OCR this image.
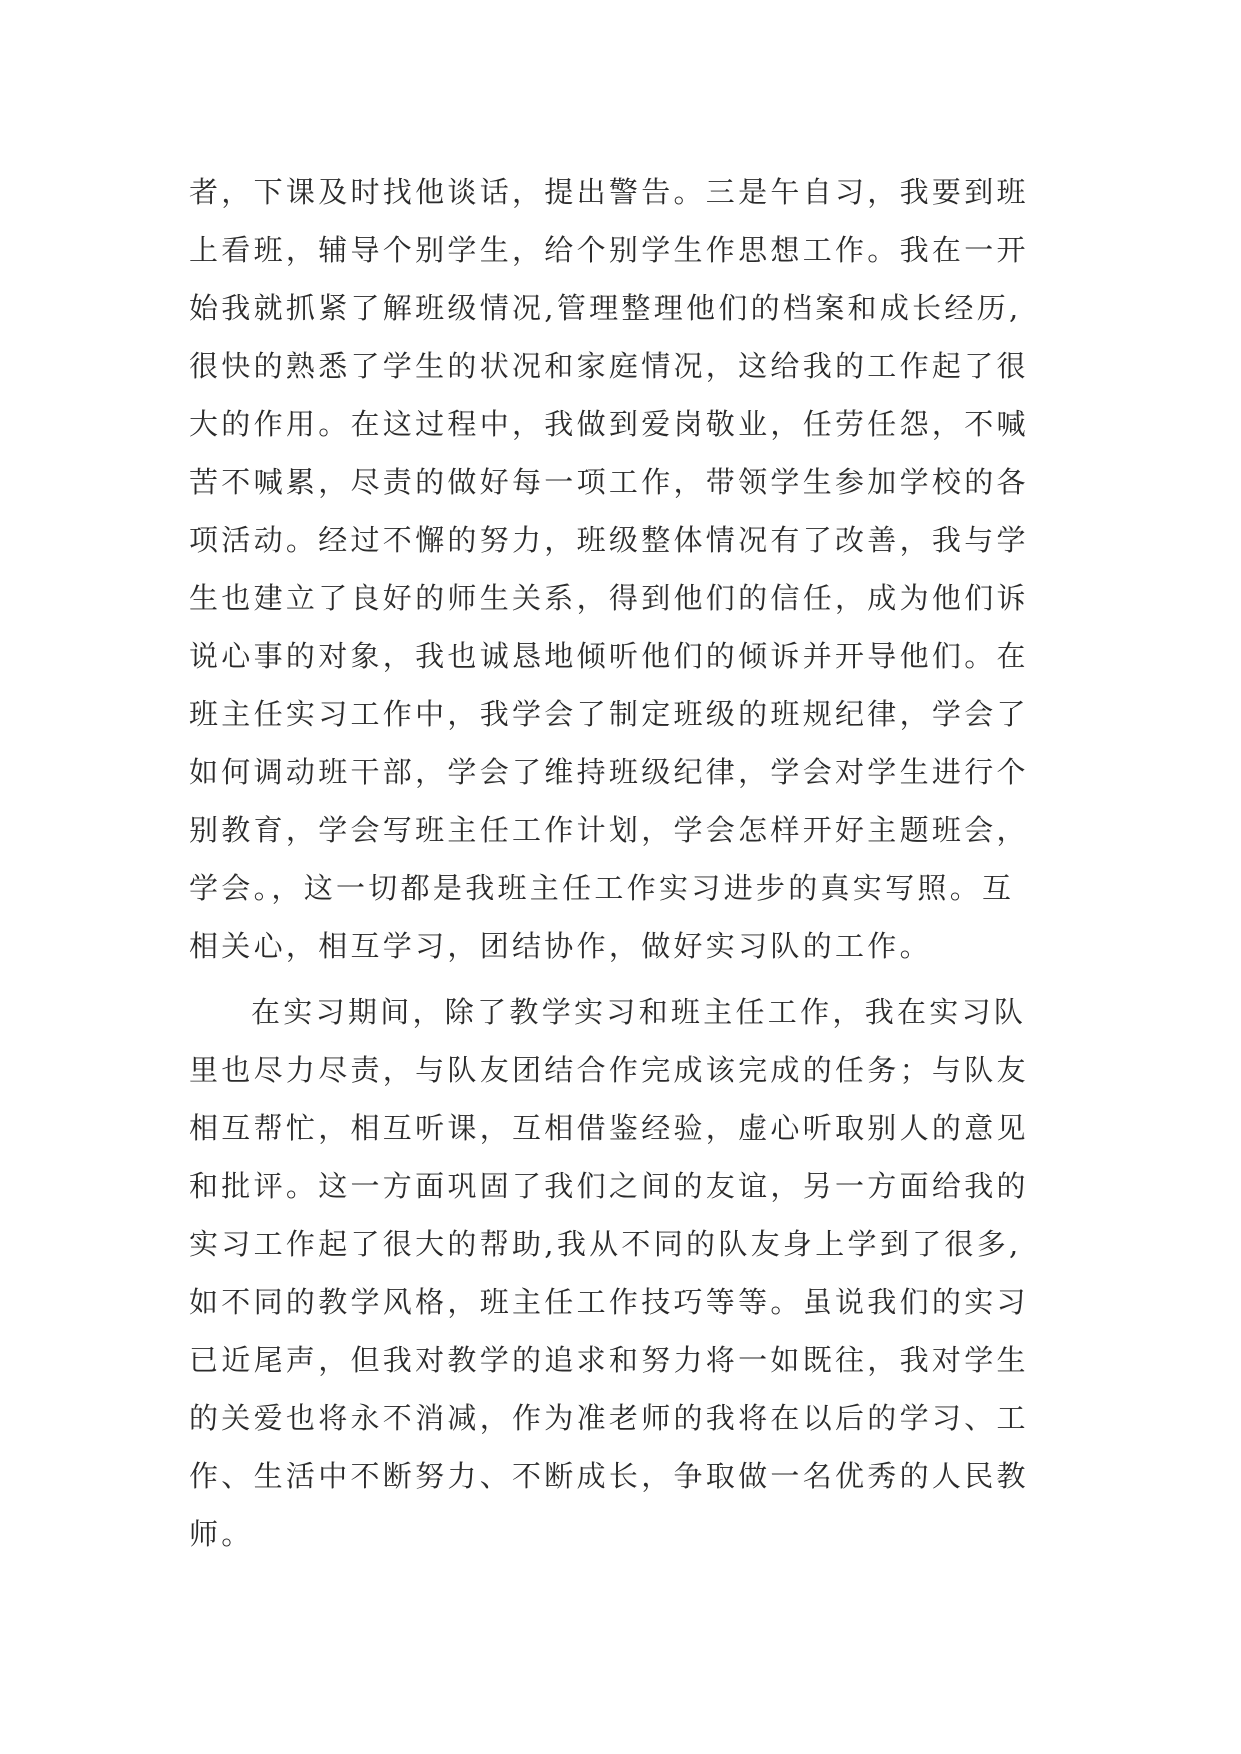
者，下课及时找他谈话，提出警告。三是午自习，我要到班
上看班，辅导个别学生，给个别学生作思想工作。我在一开
始我就抓紧了解班级情况,管理整理他们的档案和成长经历,
很快的熟悉了学生的状况和家庭情况，这给我的工作起了很
大的作用。在这过程中，我做到爱岗敬业，任劳任怨，不喊
苦不喊累，尽责的做好每一项工作，带领学生参加学校的各
项活动。经过不懈的努力，班级整体情况有了改善，我与学
生也建立了良好的师生关系，得到他们的信任，成为他们诉
说心事的对象，我也诚恳地倾听他们的倾诉并开导他们。在
班主任实习工作中，我学会了制定班级的班规纪律，学会了
如何调动班干部，学会了维持班级纪律，学会对学生进行个
别教育，学会写班主任工作计划，学会怎样开好主题班会，
学会。，这一切都是我班主任工作实习进步的真实写照。互
相关心，相互学习，团结协作，做好实习队的工作。
在实习期间，除了教学实习和班主任工作，我在实习队
里也尽力尽责，与队友团结合作完成该完成的任务；与队友
相互帮忙，相互听课，互相借鉴经验，虚心听取别人的意见
和批评。这一方面巩固了我们之间的友谊，另一方面给我的
实习工作起了很大的帮助,我从不同的队友身上学到了很多,
如不同的教学风格，班主任工作技巧等等。虽说我们的实习
已近尾声，但我对教学的追求和努力将一如既往，我对学生
的关爱也将永不消减，作为准老师的我将在以后的学习、工
作、生活中不断努力、不断成长，争取做一名优秀的人民教
师。
